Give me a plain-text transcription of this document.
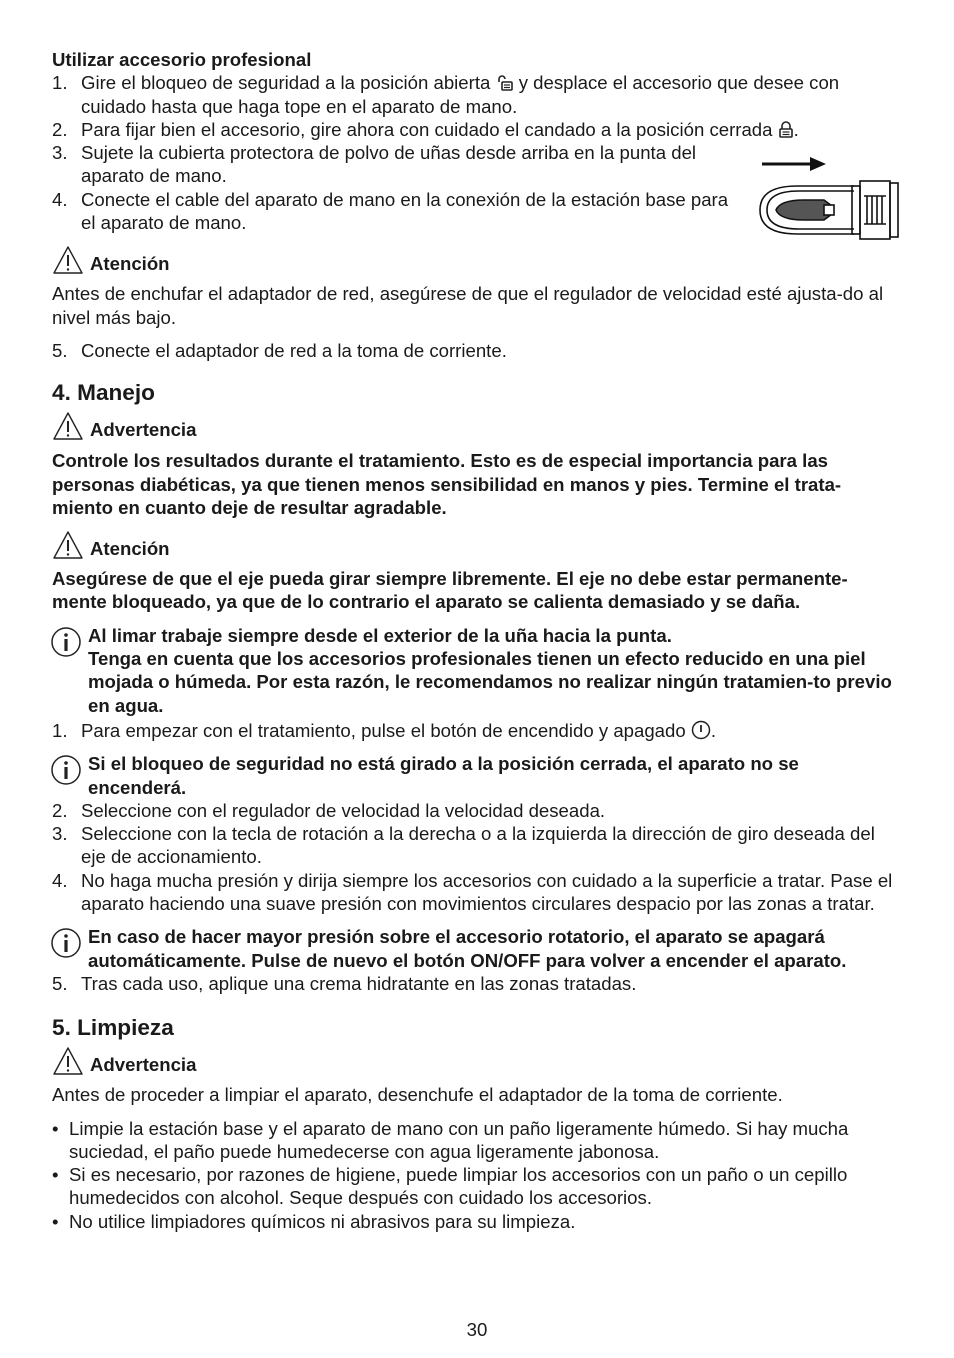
Utilizar accesorio profesional

1. Gire el bloqueo de seguridad a la posición abierta y desplace el accesorio que desee con cuidado hasta que haga tope en el aparato de mano.
2. Para fijar bien el accesorio, gire ahora con cuidado el candado a la posición cerrada .
3. Sujete la cubierta protectora de polvo de uñas desde arriba en la punta del aparato de mano.
4. Conecte el cable del aparato de mano en la conexión de la estación base para el aparato de mano.
Atención

Antes de enchufar el adaptador de red, asegúrese de que el regulador de velocidad esté ajusta-do al nivel más bajo.

5. Conecte el adaptador de red a la toma de corriente.

4. Manejo

Advertencia

Controle los resultados durante el tratamiento. Esto es de especial importancia para las personas diabéticas, ya que tienen menos sensibilidad en manos y pies. Termine el trata-miento en cuanto deje de resultar agradable.

Atención

Asegúrese de que el eje pueda girar siempre libremente. El eje no debe estar permanente-mente bloqueado, ya que de lo contrario el aparato se calienta demasiado y se daña.

Al limar trabaje siempre desde el exterior de la uña hacia la punta.
Tenga en cuenta que los accesorios profesionales tienen un efecto reducido en una piel mojada o húmeda. Por esta razón, le recomendamos no realizar ningún tratamien-to previo en agua.
1. Para empezar con el tratamiento, pulse el botón de encendido y apagado .
Si el bloqueo de seguridad no está girado a la posición cerrada, el aparato no se encenderá.
2. Seleccione con el regulador de velocidad la velocidad deseada.
3. Seleccione con la tecla de rotación a la derecha o a la izquierda la dirección de giro deseada del eje de accionamiento.
4. No haga mucha presión y dirija siempre los accesorios con cuidado a la superficie a tratar. Pase el aparato haciendo una suave presión con movimientos circulares despacio por las zonas a tratar.
En caso de hacer mayor presión sobre el accesorio rotatorio, el aparato se apagará automáticamente. Pulse de nuevo el botón ON/OFF para volver a encender el aparato.
5. Tras cada uso, aplique una crema hidratante en las zonas tratadas.

5. Limpieza

Advertencia

Antes de proceder a limpiar el aparato, desenchufe el adaptador de la toma de corriente.

• Limpie la estación base y el aparato de mano con un paño ligeramente húmedo. Si hay mucha suciedad, el paño puede humedecerse con agua ligeramente jabonosa.
• Si es necesario, por razones de higiene, puede limpiar los accesorios con un paño o un cepillo humedecidos con alcohol. Seque después con cuidado los accesorios.
• No utilice limpiadores químicos ni abrasivos para su limpieza.
30
